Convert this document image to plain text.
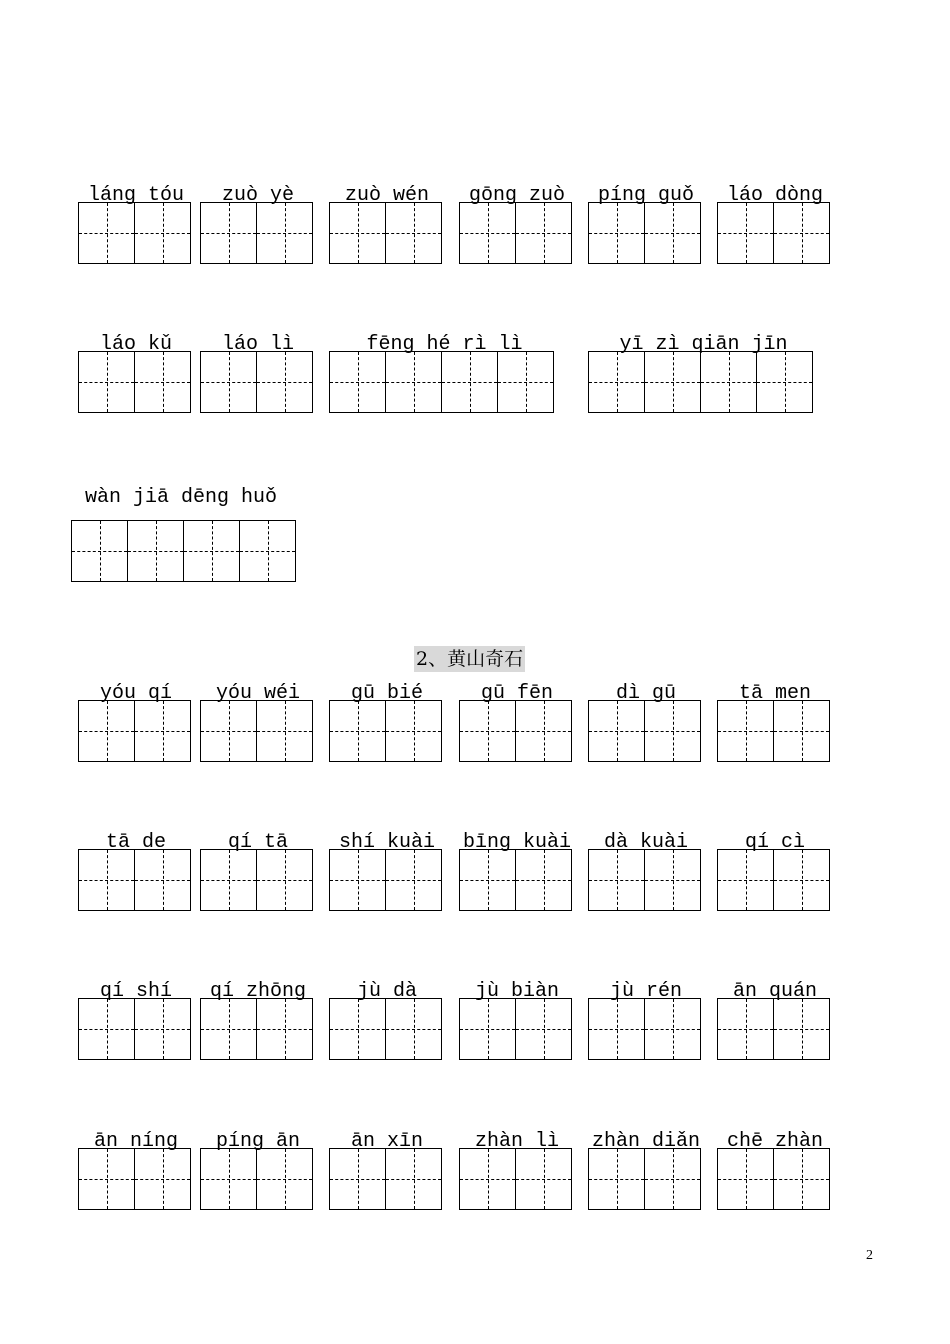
láng tóu	zuò yè	zuò wén	gōng zuò	píng guǒ	láo dòng
láo kǔ	láo lì	fēng hé rì lì	yī zì qiān jīn
wàn jiā dēng huǒ
2、黄山奇石
yóu qí	yóu wéi	gū bié	gū fēn	dì gū	tā men
tā de	qí tā	shí kuài	bīng kuài	dà kuài	qí cì
qí shí	qí zhōng	jù dà	jù biàn	jù rén	ān quán
ān níng	píng ān	ān xīn	zhàn lì	zhàn diǎn	chē zhàn
2
